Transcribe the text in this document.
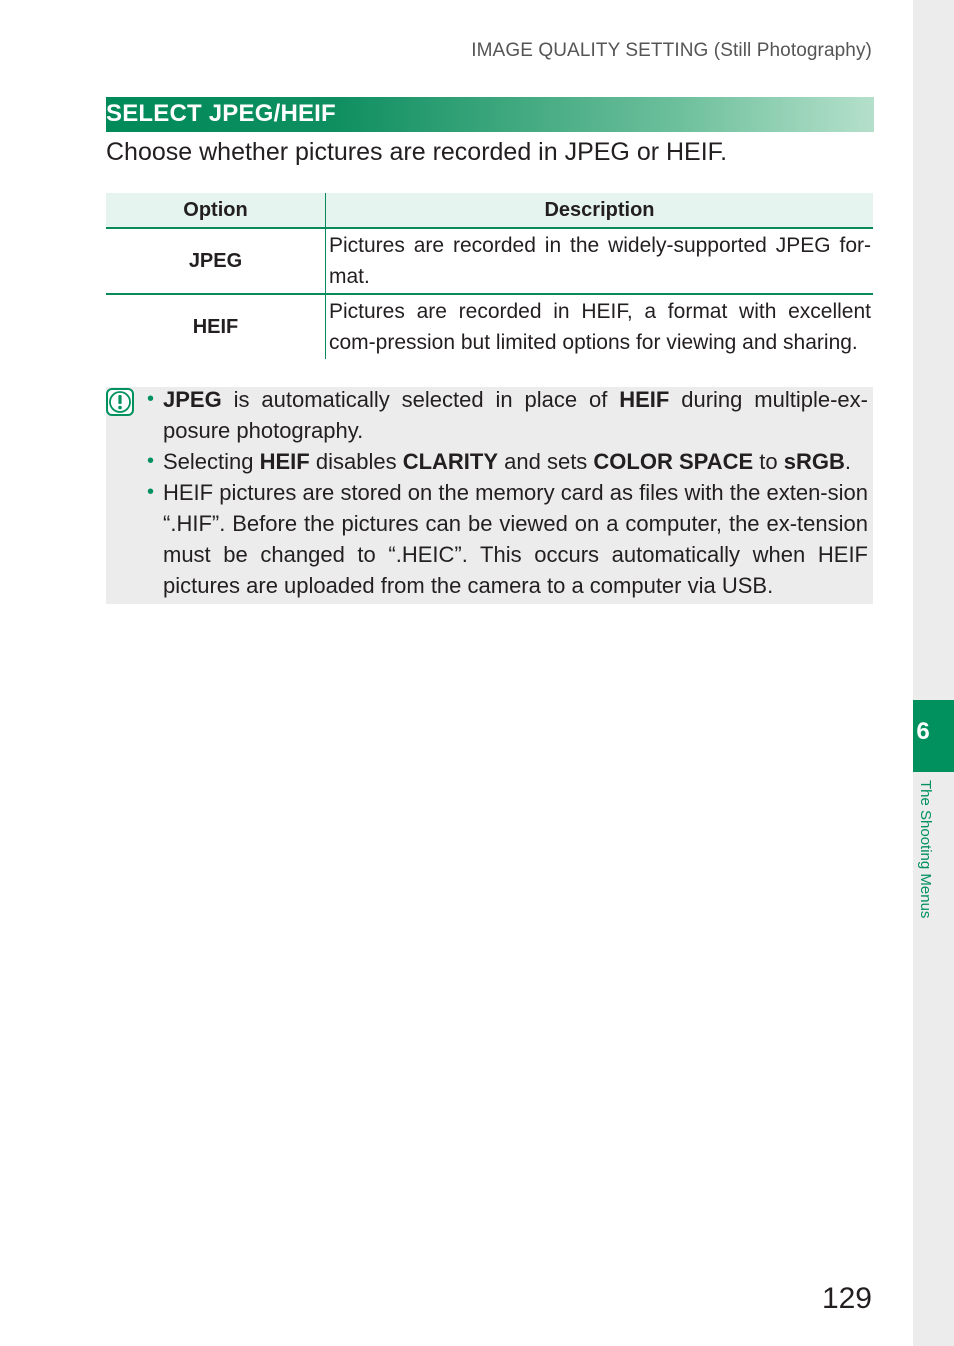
IMAGE QUALITY SETTING (Still Photography)
SELECT JPEG/HEIF
Choose whether pictures are recorded in JPEG or HEIF.
Option	Description
JPEG	Pictures are recorded in the widely-supported JPEG for-mat.
HEIF	Pictures are recorded in HEIF, a format with excellent com-pression but limited options for viewing and sharing.
• JPEG is automatically selected in place of HEIF during multiple-ex-posure photography.
• Selecting HEIF disables CLARITY and sets COLOR SPACE to sRGB.
• HEIF pictures are stored on the memory card as files with the exten-sion “.HIF”. Before the pictures can be viewed on a computer, the ex-tension must be changed to “.HEIC”. This occurs automatically when HEIF pictures are uploaded from the camera to a computer via USB.
6
The Shooting Menus
129
